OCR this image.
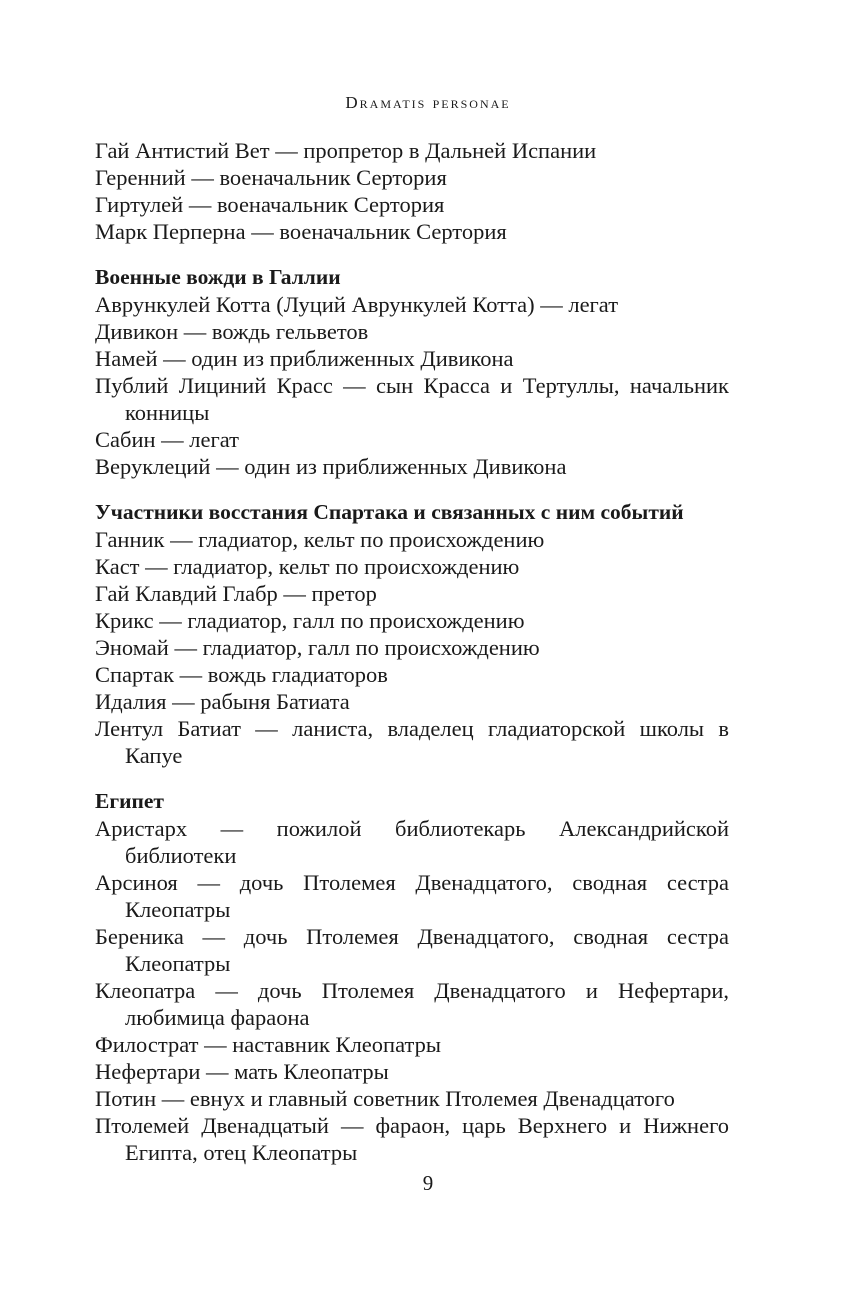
Dramatis personae

Гай Антистий Вет — пропретор в Дальней Испании

Геренний — военачальник Сертория

Гиртулей — военачальник Сертория

Марк Перперна — военачальник Сертория

Военные вожди в Галлии

Аврункулей Котта (Луций Аврункулей Котта) — легат

Дивикон — вождь гельветов

Намей — один из приближенных Дивикона

Публий Лициний Красс — сын Красса и Тертуллы, начальник конницы

Сабин — легат

Веруклеций — один из приближенных Дивикона

Участники восстания Спартака и связанных с ним событий

Ганник — гладиатор, кельт по происхождению

Каст — гладиатор, кельт по происхождению

Гай Клавдий Глабр — претор

Крикс — гладиатор, галл по происхождению

Эномай — гладиатор, галл по происхождению

Спартак — вождь гладиаторов

Идалия — рабыня Батиата

Лентул Батиат — ланиста, владелец гладиаторской школы в Капуе

Египет

Аристарх — пожилой библиотекарь Александрийской библиотеки

Арсиноя — дочь Птолемея Двенадцатого, сводная сестра Клеопатры

Береника — дочь Птолемея Двенадцатого, сводная сестра Клеопатры

Клеопатра — дочь Птолемея Двенадцатого и Нефертари, любимица фараона

Филострат — наставник Клеопатры

Нефертари — мать Клеопатры

Потин — евнух и главный советник Птолемея Двенадцатого

Птолемей Двенадцатый — фараон, царь Верхнего и Нижнего Египта, отец Клеопатры

9
